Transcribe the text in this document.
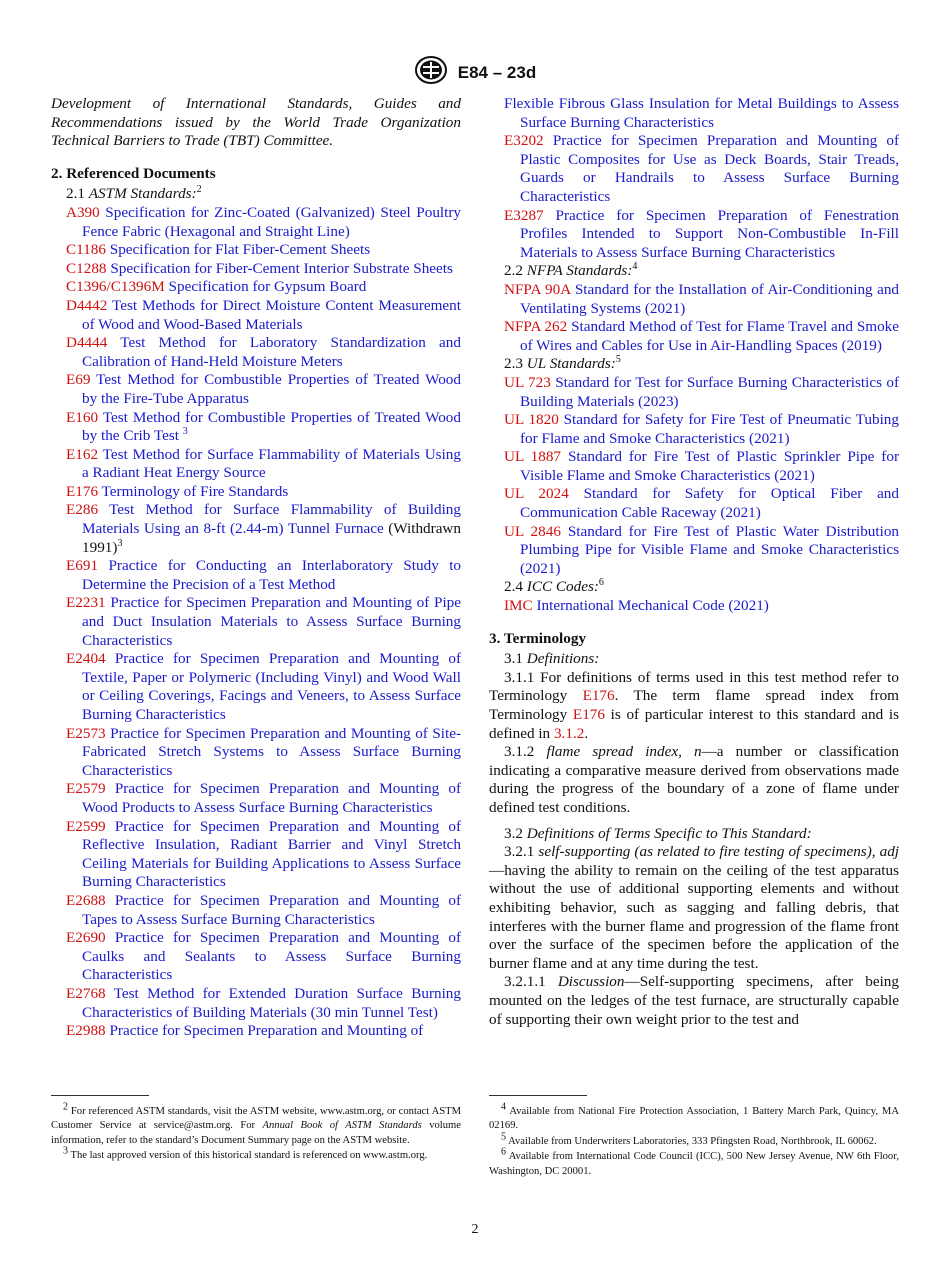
E84 – 23d
Development of International Standards, Guides and Recommendations issued by the World Trade Organization Technical Barriers to Trade (TBT) Committee.
2. Referenced Documents
2.1 ASTM Standards:$^2$
A390 Specification for Zinc-Coated (Galvanized) Steel Poultry Fence Fabric (Hexagonal and Straight Line)
C1186 Specification for Flat Fiber-Cement Sheets
C1288 Specification for Fiber-Cement Interior Substrate Sheets
C1396/C1396M Specification for Gypsum Board
D4442 Test Methods for Direct Moisture Content Measurement of Wood and Wood-Based Materials
D4444 Test Method for Laboratory Standardization and Calibration of Hand-Held Moisture Meters
E69 Test Method for Combustible Properties of Treated Wood by the Fire-Tube Apparatus
E160 Test Method for Combustible Properties of Treated Wood by the Crib Test $^3$
E162 Test Method for Surface Flammability of Materials Using a Radiant Heat Energy Source
E176 Terminology of Fire Standards
E286 Test Method for Surface Flammability of Building Materials Using an 8-ft (2.44-m) Tunnel Furnace (Withdrawn 1991)$^3$
E691 Practice for Conducting an Interlaboratory Study to Determine the Precision of a Test Method
E2231 Practice for Specimen Preparation and Mounting of Pipe and Duct Insulation Materials to Assess Surface Burning Characteristics
E2404 Practice for Specimen Preparation and Mounting of Textile, Paper or Polymeric (Including Vinyl) and Wood Wall or Ceiling Coverings, Facings and Veneers, to Assess Surface Burning Characteristics
E2573 Practice for Specimen Preparation and Mounting of Site-Fabricated Stretch Systems to Assess Surface Burning Characteristics
E2579 Practice for Specimen Preparation and Mounting of Wood Products to Assess Surface Burning Characteristics
E2599 Practice for Specimen Preparation and Mounting of Reflective Insulation, Radiant Barrier and Vinyl Stretch Ceiling Materials for Building Applications to Assess Surface Burning Characteristics
E2688 Practice for Specimen Preparation and Mounting of Tapes to Assess Surface Burning Characteristics
E2690 Practice for Specimen Preparation and Mounting of Caulks and Sealants to Assess Surface Burning Characteristics
E2768 Test Method for Extended Duration Surface Burning Characteristics of Building Materials (30 min Tunnel Test)
E2988 Practice for Specimen Preparation and Mounting of
Flexible Fibrous Glass Insulation for Metal Buildings to Assess Surface Burning Characteristics
E3202 Practice for Specimen Preparation and Mounting of Plastic Composites for Use as Deck Boards, Stair Treads, Guards or Handrails to Assess Surface Burning Characteristics
E3287 Practice for Specimen Preparation of Fenestration Profiles Intended to Support Non-Combustible In-Fill Materials to Assess Surface Burning Characteristics
2.2 NFPA Standards:$^4$
NFPA 90A Standard for the Installation of Air-Conditioning and Ventilating Systems (2021)
NFPA 262 Standard Method of Test for Flame Travel and Smoke of Wires and Cables for Use in Air-Handling Spaces (2019)
2.3 UL Standards:$^5$
UL 723 Standard for Test for Surface Burning Characteristics of Building Materials (2023)
UL 1820 Standard for Safety for Fire Test of Pneumatic Tubing for Flame and Smoke Characteristics (2021)
UL 1887 Standard for Fire Test of Plastic Sprinkler Pipe for Visible Flame and Smoke Characteristics (2021)
UL 2024 Standard for Safety for Optical Fiber and Communication Cable Raceway (2021)
UL 2846 Standard for Fire Test of Plastic Water Distribution Plumbing Pipe for Visible Flame and Smoke Characteristics (2021)
2.4 ICC Codes:$^6$
IMC International Mechanical Code (2021)
3. Terminology
3.1 Definitions:
3.1.1 For definitions of terms used in this test method refer to Terminology E176. The term flame spread index from Terminology E176 is of particular interest to this standard and is defined in 3.1.2.
3.1.2 flame spread index, n—a number or classification indicating a comparative measure derived from observations made during the progress of the boundary of a zone of flame under defined test conditions.
3.2 Definitions of Terms Specific to This Standard:
3.2.1 self-supporting (as related to fire testing of specimens), adj—having the ability to remain on the ceiling of the test apparatus without the use of additional supporting elements and without exhibiting behavior, such as sagging and falling debris, that interferes with the burner flame and progression of the flame front over the surface of the specimen before the application of the burner flame and at any time during the test.
3.2.1.1 Discussion—Self-supporting specimens, after being mounted on the ledges of the test furnace, are structurally capable of supporting their own weight prior to the test and

$^2$ For referenced ASTM standards, visit the ASTM website, www.astm.org, or contact ASTM Customer Service at service@astm.org. For Annual Book of ASTM Standards volume information, refer to the standard’s Document Summary page on the ASTM website.

$^3$ The last approved version of this historical standard is referenced on www.astm.org.

$^4$ Available from National Fire Protection Association, 1 Battery March Park, Quincy, MA 02169.

$^5$ Available from Underwriters Laboratories, 333 Pfingsten Road, Northbrook, IL 60062.

$^6$ Available from International Code Council (ICC), 500 New Jersey Avenue, NW 6th Floor, Washington, DC 20001.

2
